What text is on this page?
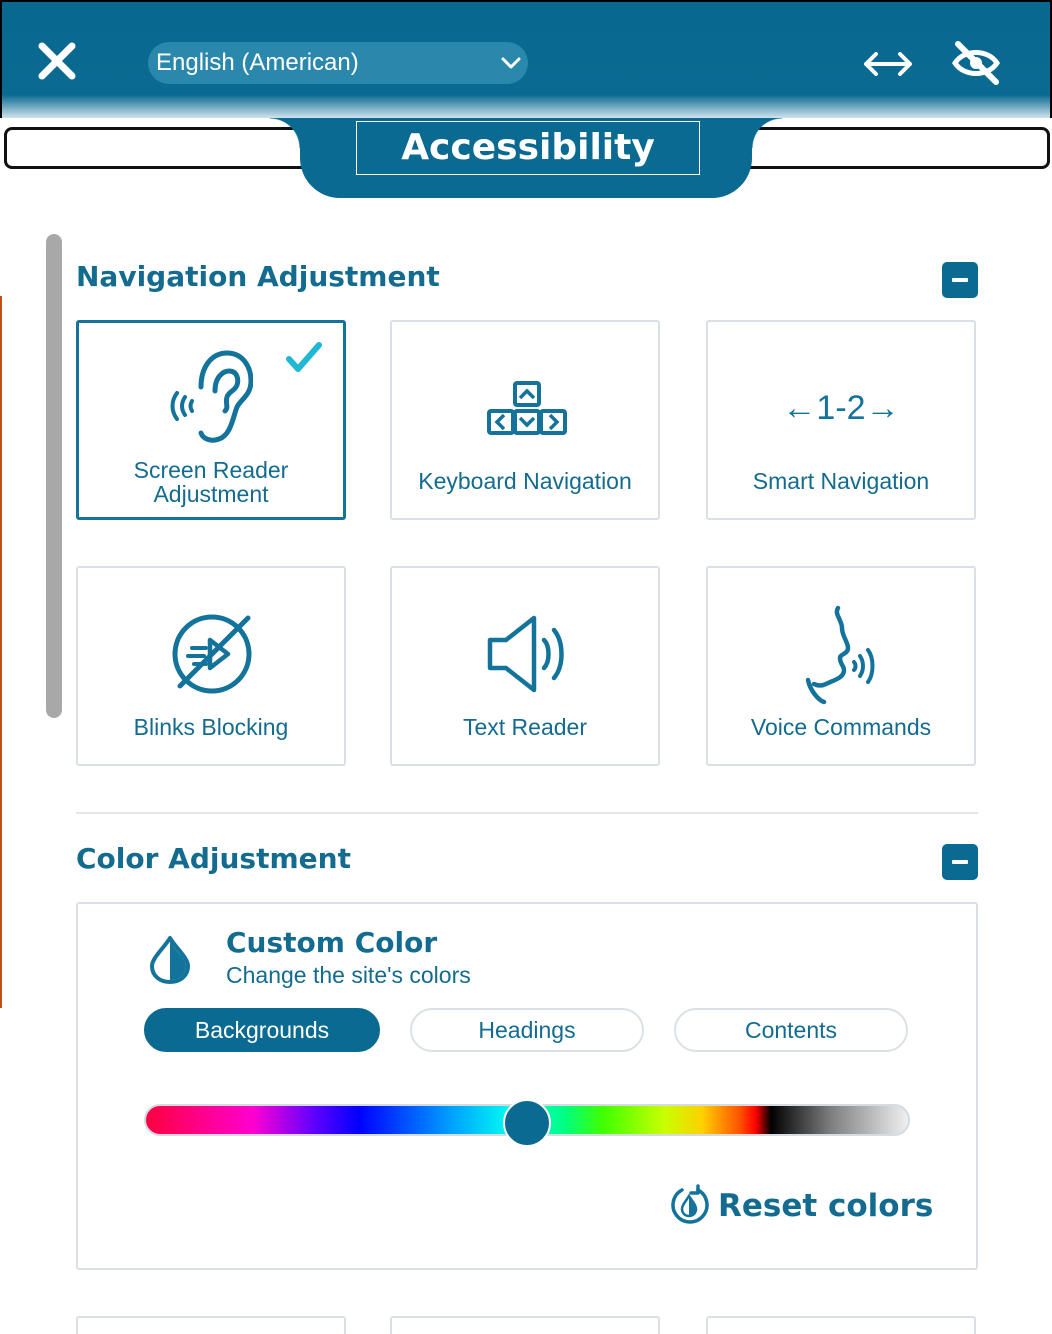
English (American)
Accessibility
Navigation Adjustment
Screen Reader
Adjustment	Keyboard Navigation
←1-2→
Smart Navigation
Blinks Blocking	Text Reader	Voice Commands
Color Adjustment
Custom Color
Change the site's colors
Backgrounds	Headings	Contents
Reset colors
